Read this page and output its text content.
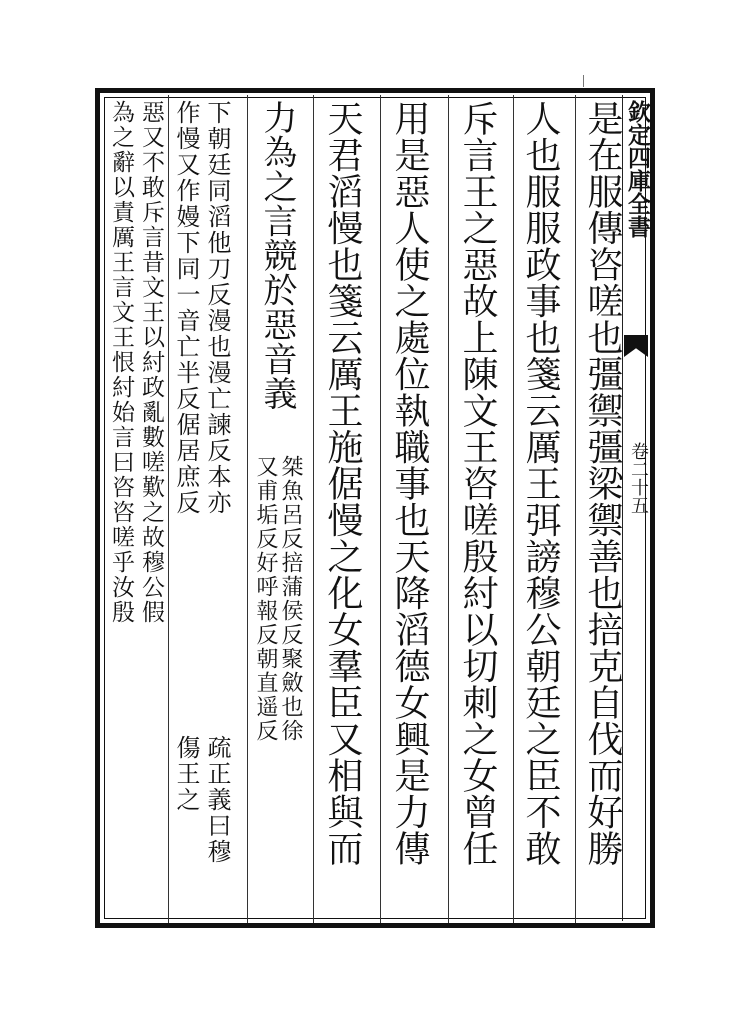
欽定四庫全書
卷二十五
是在服傳咨嗟也彊禦彊梁禦善也掊克自伐而好勝
人也服服政事也箋云厲王弭謗穆公朝廷之臣不敢
斥言王之惡故上陳文王咨嗟殷紂以切刺之女曾任
用是惡人使之處位執職事也天降滔德女興是力傳
天君滔慢也箋云厲王施倨慢之化女羣臣又相與而
力為之言競於惡音義
桀魚呂反掊蒲侯反聚斂也徐
又甫垢反好呼報反朝直遥反
下朝廷同滔他刀反漫也漫亡諫反本亦
作慢又作嫚下同一音亡半反倨居庶反
疏正義曰穆
傷王之
惡又不敢斥言昔文王以紂政亂數嗟歎之故穆公假
為之辭以責厲王言文王恨紂始言曰咨咨嗟乎汝殷
